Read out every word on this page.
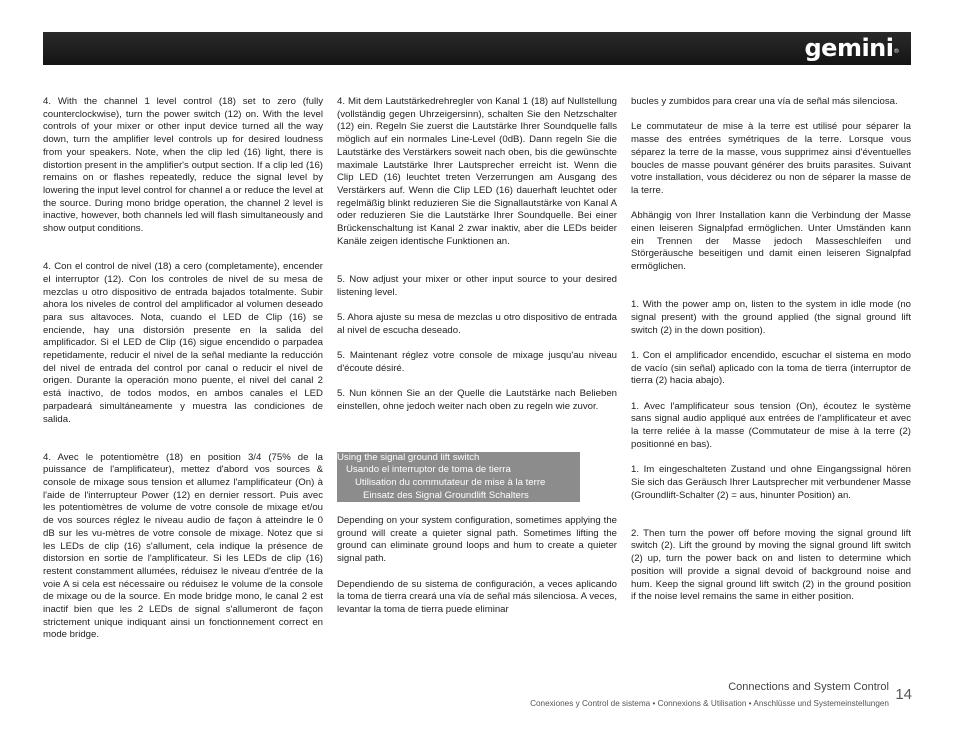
gemini®

4. With the channel 1 level control (18) set to zero (fully counterclockwise), turn the power switch (12) on. With the level controls of your mixer or other input device turned all the way down, turn the amplifier level controls up for desired loudness from your speakers. Note, when the clip led (16) light, there is distortion present in the amplifier's output section. If a clip led (16) remains on or flashes repeatedly, reduce the signal level by lowering the input level control for channel a or reduce the level at the source. During mono bridge operation, the channel 2 level is inactive, however, both channels led will flash simultaneously and show output conditions.

4. Con el control de nivel (18) a cero (completamente), encender el interruptor (12). Con los controles de nivel de su mesa de mezclas u otro dispositivo de entrada bajados totalmente. Subir ahora los niveles de control del amplificador al volumen deseado para sus altavoces. Nota, cuando el LED de Clip (16) se enciende, hay una distorsión presente en la salida del amplificador. Si el LED de Clip (16) sigue encendido o parpadea repetidamente, reducir el nivel de la señal mediante la reducción del nivel de entrada del control por canal o reducir el nivel de origen. Durante la operación mono puente, el nivel del canal 2 está inactivo, de todos modos, en ambos canales el LED parpadeará simultáneamente y muestra las condiciones de salida.

4. Avec le potentiomètre (18) en position 3/4 (75% de la puissance de l'amplificateur), mettez d'abord vos sources & console de mixage sous tension et allumez l'amplificateur (On) à l'aide de l'interrupteur Power (12) en dernier ressort. Puis avec les potentiomètres de volume de votre console de mixage et/ou de vos sources réglez le niveau audio de façon à atteindre le 0 dB sur les vu-mètres de votre console de mixage. Notez que si les LEDs de clip (16) s'allument, cela indique la présence de distorsion en sortie de l'amplificateur. Si les LEDs de clip (16) restent constamment allumées, réduisez le niveau d'entrée de la voie A si cela est nécessaire ou réduisez le volume de la console de mixage ou de la source. En mode bridge mono, le canal 2 est inactif bien que les 2 LEDs de signal s'allumeront de façon strictement unique indiquant ainsi un fonctionnement correct en mode bridge.

4. Mit dem Lautstärkedrehregler von Kanal 1 (18) auf Nullstellung (vollständig gegen Uhrzeigersinn), schalten Sie den Netzschalter (12) ein. Regeln Sie zuerst die Lautstärke Ihrer Soundquelle falls möglich auf ein normales Line-Level (0dB). Dann regeln Sie die Lautstärke des Verstärkers soweit nach oben, bis die gewünschte maximale Lautstärke Ihrer Lautsprecher erreicht ist. Wenn die Clip LED (16) leuchtet treten Verzerrungen am Ausgang des Verstärkers auf. Wenn die Clip LED (16) dauerhaft leuchtet oder regelmäßig blinkt reduzieren Sie die Signallautstärke von Kanal A oder reduzieren Sie die Lautstärke Ihrer Soundquelle. Bei einer Brückenschaltung ist Kanal 2 zwar inaktiv, aber die LEDs beider Kanäle zeigen identische Funktionen an.

5. Now adjust your mixer or other input source to your desired listening level.

5. Ahora ajuste su mesa de mezclas u otro dispositivo de entrada al nivel de escucha deseado.

5. Maintenant réglez votre console de mixage jusqu'au niveau d'écoute désiré.

5. Nun können Sie an der Quelle die Lautstärke nach Belieben einstellen, ohne jedoch weiter nach oben zu regeln wie zuvor.

Using the signal ground lift switch
Usando el interruptor de toma de tierra
Utilisation du commutateur de mise à la terre
Einsatz des Signal Groundlift Schalters

Depending on your system configuration, sometimes applying the ground will create a quieter signal path. Sometimes lifting the ground can eliminate ground loops and hum to create a quieter signal path.

Dependiendo de su sistema de configuración, a veces aplicando la toma de tierra creará una vía de señal más silenciosa. A veces, levantar la toma de tierra puede eliminar

bucles y zumbidos para crear una vía de señal más silenciosa.

Le commutateur de mise à la terre est utilisé pour séparer la masse des entrées symétriques de la terre. Lorsque vous séparez la terre de la masse, vous supprimez ainsi d'éventuelles boucles de masse pouvant générer des bruits parasites. Suivant votre installation, vous déciderez ou non de séparer la masse de la terre.

Abhängig von Ihrer Installation kann die Verbindung der Masse einen leiseren Signalpfad ermöglichen. Unter Umständen kann ein Trennen der Masse jedoch Masseschleifen und Störgeräusche beseitigen und damit einen leiseren Signalpfad ermöglichen.

1. With the power amp on, listen to the system in idle mode (no signal present) with the ground applied (the signal ground lift switch (2) in the down position).

1. Con el amplificador encendido, escuchar el sistema en modo de vacío (sin señal) aplicado con la toma de tierra (interruptor de tierra (2) hacia abajo).

1. Avec l'amplificateur sous tension (On), écoutez le système sans signal audio appliqué aux entrées de l'amplificateur et avec la terre reliée à la masse (Commutateur de mise à la terre (2) positionné en bas).

1. Im eingeschalteten Zustand und ohne Eingangssignal hören Sie sich das Geräusch Ihrer Lautsprecher mit verbundener Masse (Groundlift-Schalter (2) = aus, hinunter Position) an.

2. Then turn the power off before moving the signal ground lift switch (2). Lift the ground by moving the signal ground lift switch (2) up, turn the power back on and listen to determine which position will provide a signal devoid of background noise and hum. Keep the signal ground lift switch (2) in the ground position if the noise level remains the same in either position.

Connections and System Control
Conexiones y Control de sistema • Connexions & Utilisation • Anschlüsse und Systemeinstellungen
14
